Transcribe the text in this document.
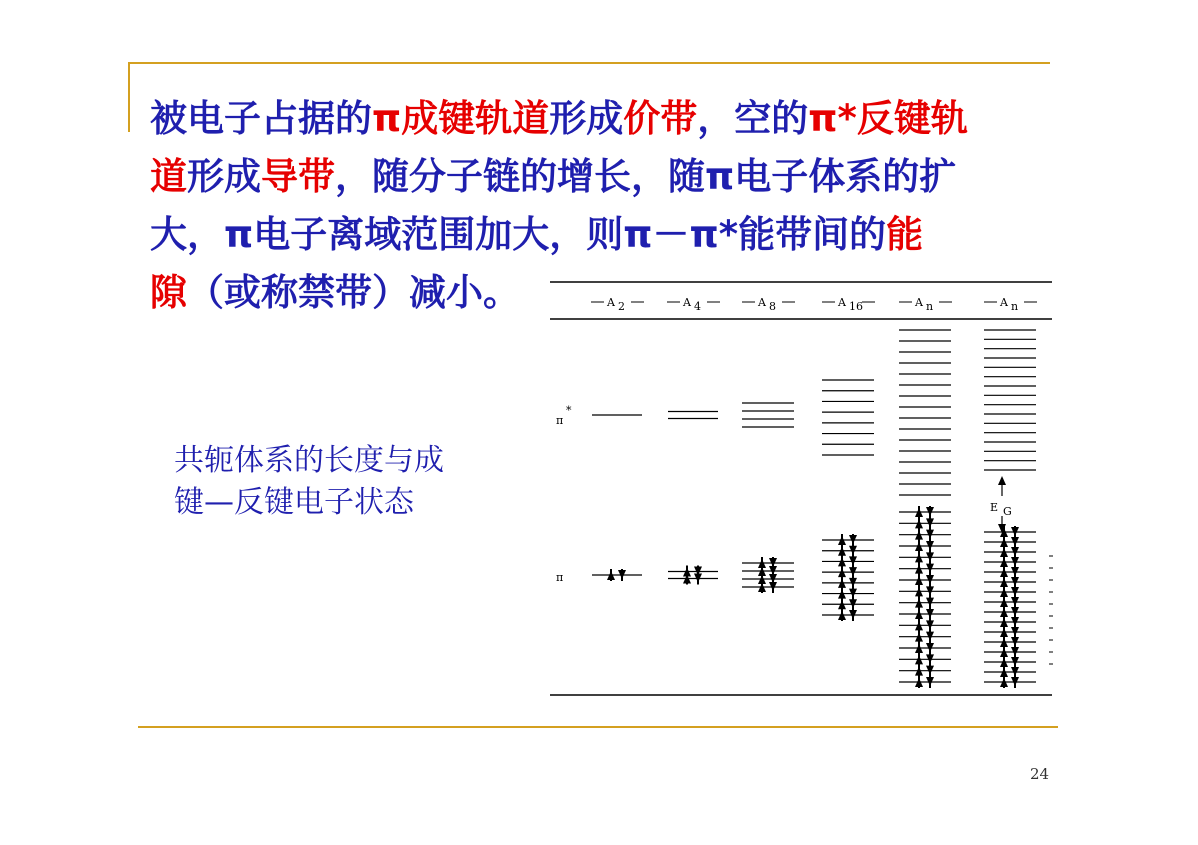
被电子占据的π成键轨道形成价带，空的π*反键轨
道形成导带，随分子链的增长，随π电子体系的扩
大，π电子离域范围加大，则π－π*能带间的能
隙（或称禁带）减小。
共轭体系的长度与成
键—反键电子状态
24
π
*
π
A 2	A 4	A 8	A 16	A n	A n
E G
